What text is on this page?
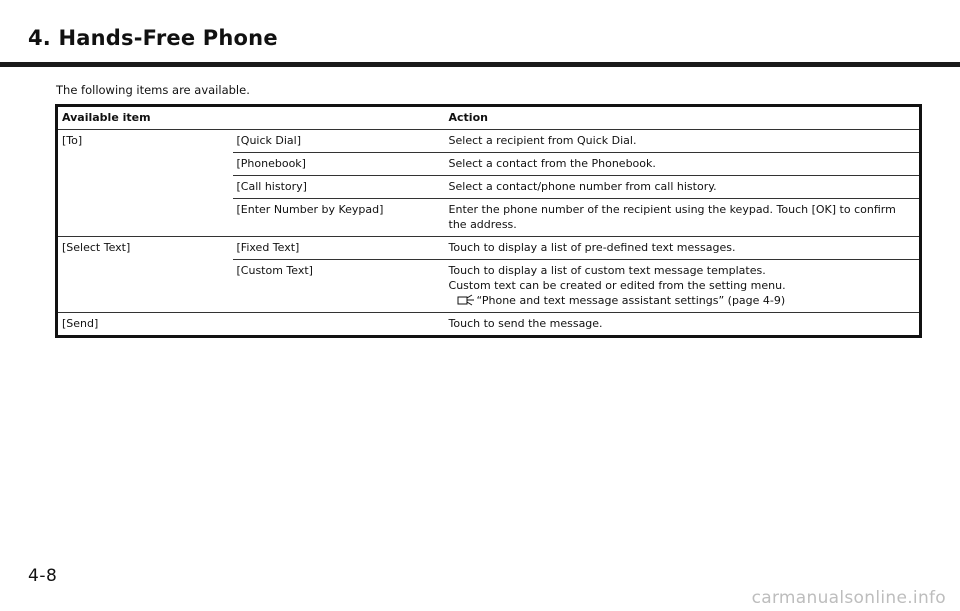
4. Hands-Free Phone
The following items are available.
Available item		Action
[To]	[Quick Dial]	Select a recipient from Quick Dial.
	[Phonebook]	Select a contact from the Phonebook.
	[Call history]	Select a contact/phone number from call history.
	[Enter Number by Keypad]	Enter the phone number of the recipient using the keypad. Touch [OK] to confirm the address.
[Select Text]	[Fixed Text]	Touch to display a list of pre-defined text messages.
	[Custom Text]	Touch to display a list of custom text message templates.
Custom text can be created or edited from the setting menu.
“Phone and text message assistant settings” (page 4-9)

[Send]		Touch to send the message.
4-8
carmanualsonline.info
